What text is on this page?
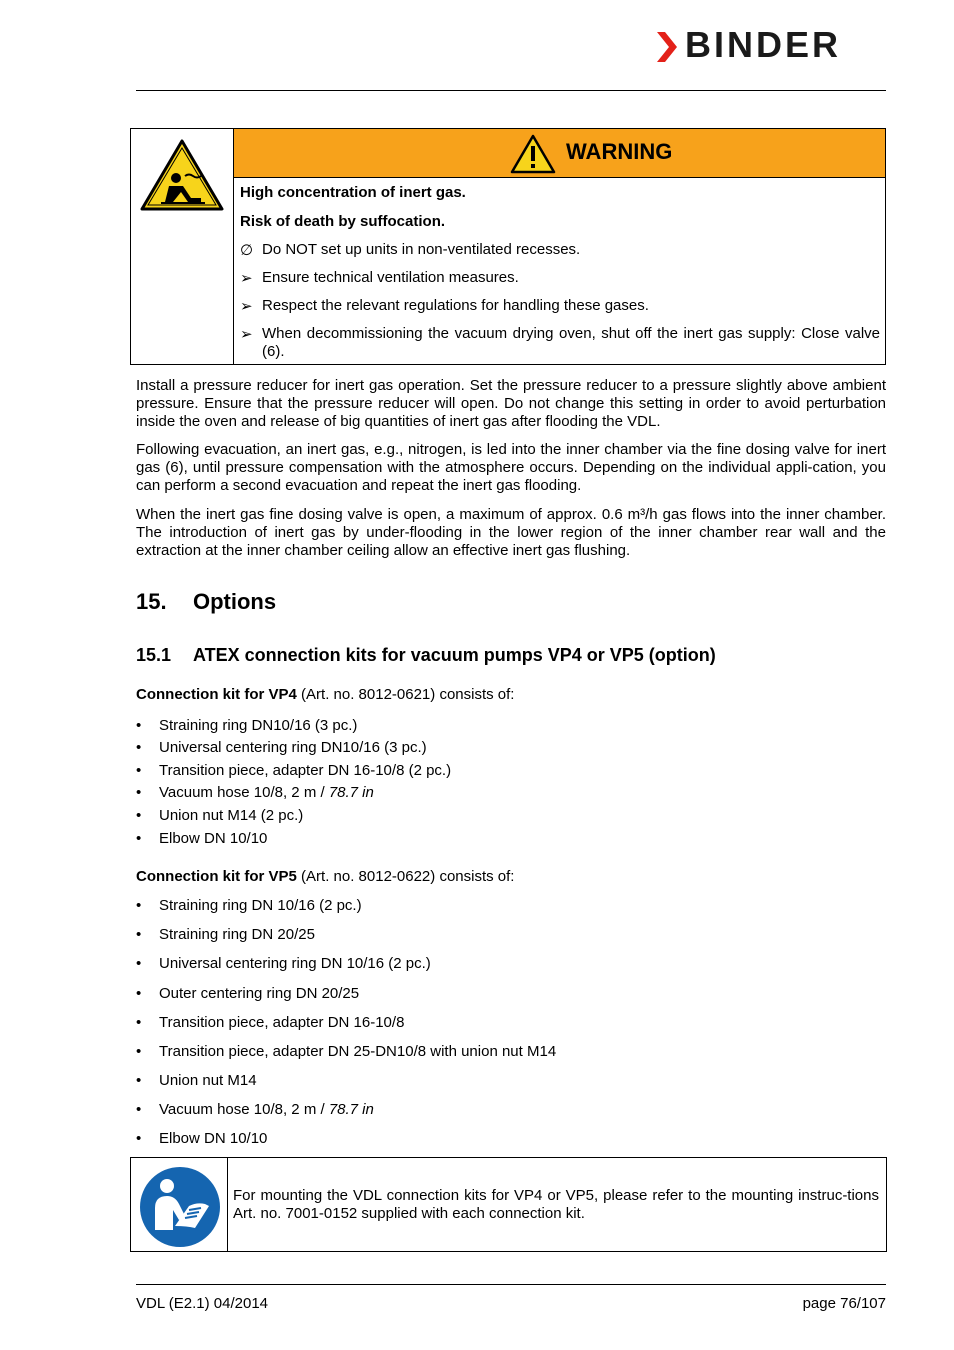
BINDER
WARNING
High concentration of inert gas.
Risk of death by suffocation.
∅ Do NOT set up units in non-ventilated recesses.
➢ Ensure technical ventilation measures.
➢ Respect the relevant regulations for handling these gases.
➢ When decommissioning the vacuum drying oven, shut off the inert gas supply: Close valve (6).
Install a pressure reducer for inert gas operation. Set the pressure reducer to a pressure slightly above ambient pressure. Ensure that the pressure reducer will open. Do not change this setting in order to avoid perturbation inside the oven and release of big quantities of inert gas after flooding the VDL.
Following evacuation, an inert gas, e.g., nitrogen, is led into the inner chamber via the fine dosing valve for inert gas (6), until pressure compensation with the atmosphere occurs. Depending on the individual appli-cation, you can perform a second evacuation and repeat the inert gas flooding.
When the inert gas fine dosing valve is open, a maximum of approx. 0.6 m³/h gas flows into the inner chamber. The introduction of inert gas by under-flooding in the lower region of the inner chamber rear wall and the extraction at the inner chamber ceiling allow an effective inert gas flushing.
15. Options
15.1 ATEX connection kits for vacuum pumps VP4 or VP5 (option)
Connection kit for VP4 (Art. no. 8012-0621) consists of:
• Straining ring DN10/16 (3 pc.)
• Universal centering ring DN10/16 (3 pc.)
• Transition piece, adapter DN 16-10/8 (2 pc.)
• Vacuum hose 10/8, 2 m / 78.7 in
• Union nut M14 (2 pc.)
• Elbow DN 10/10
Connection kit for VP5 (Art. no. 8012-0622) consists of:
• Straining ring DN 10/16 (2 pc.)
• Straining ring DN 20/25
• Universal centering ring DN 10/16 (2 pc.)
• Outer centering ring DN 20/25
• Transition piece, adapter DN 16-10/8
• Transition piece, adapter DN 25-DN10/8 with union nut M14
• Union nut M14
• Vacuum hose 10/8, 2 m / 78.7 in
• Elbow DN 10/10
For mounting the VDL connection kits for VP4 or VP5, please refer to the mounting instruc-tions Art. no. 7001-0152 supplied with each connection kit.
VDL (E2.1) 04/2014	page 76/107
